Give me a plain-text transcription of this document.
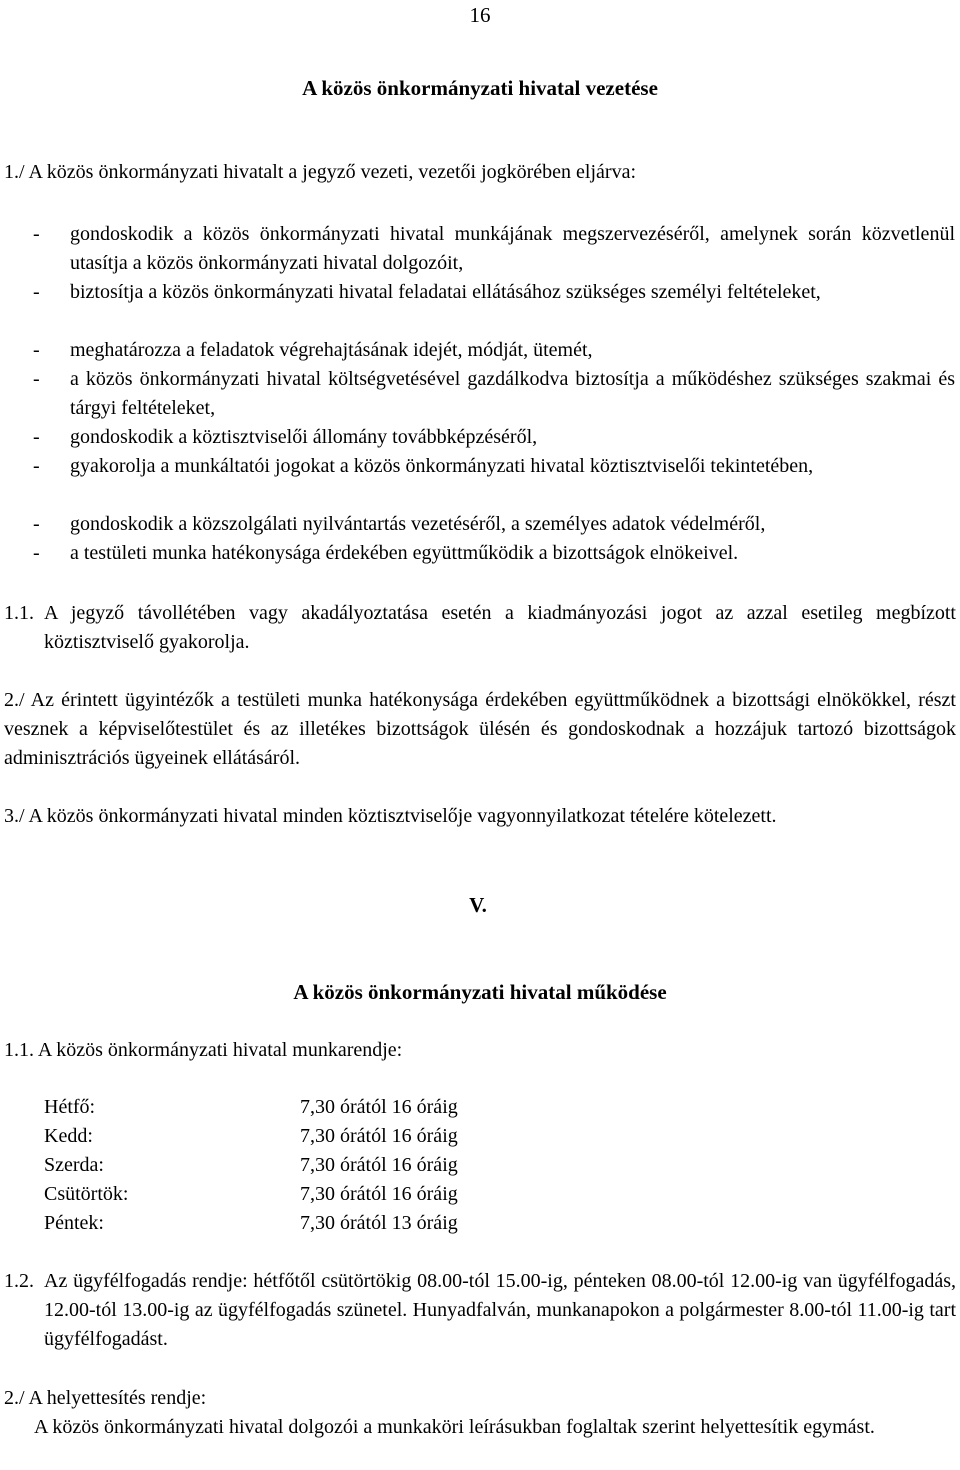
16
A közös önkormányzati hivatal vezetése
1./ A közös önkormányzati hivatalt a jegyző vezeti, vezetői jogkörében eljárva:
- gondoskodik a közös önkormányzati hivatal munkájának megszervezéséről, amelynek során közvetlenül utasítja a közös önkormányzati hivatal dolgozóit,
- biztosítja a közös önkormányzati hivatal feladatai ellátásához szükséges személyi feltételeket,
- meghatározza a feladatok végrehajtásának idejét, módját, ütemét,
- a közös önkormányzati hivatal költségvetésével gazdálkodva biztosítja a működéshez szükséges szakmai és tárgyi feltételeket,
- gondoskodik a köztisztviselői állomány továbbképzéséről,
- gyakorolja a munkáltatói jogokat a közös önkormányzati hivatal köztisztviselői tekintetében,
- gondoskodik a közszolgálati nyilvántartás vezetéséről, a személyes adatok védelméről,
- a testületi munka hatékonysága érdekében együttműködik a bizottságok elnökeivel.
1.1. A jegyző távollétében vagy akadályoztatása esetén a kiadmányozási jogot az azzal esetileg megbízott köztisztviselő gyakorolja.
2./ Az érintett ügyintézők a testületi munka hatékonysága érdekében együttműködnek a bizottsági elnökökkel, részt vesznek a képviselőtestület és az illetékes bizottságok ülésén és gondoskodnak a hozzájuk tartozó bizottságok adminisztrációs ügyeinek ellátásáról.
3./ A közös önkormányzati hivatal minden köztisztviselője vagyonnyilatkozat tételére kötelezett.
V.
A közös önkormányzati hivatal működése
1.1. A közös önkormányzati hivatal munkarendje:
Hétfő:	7,30 órától 16 óráig
Kedd:	7,30 órától 16 óráig
Szerda:	7,30 órától 16 óráig
Csütörtök:	7,30 órától 16 óráig
Péntek:	7,30 órától 13 óráig
1.2. Az ügyfélfogadás rendje: hétfőtől csütörtökig 08.00-tól 15.00-ig, pénteken 08.00-tól 12.00-ig van ügyfélfogadás, 12.00-tól 13.00-ig az ügyfélfogadás szünetel. Hunyadfalván, munkanapokon a polgármester 8.00-tól 11.00-ig tart ügyfélfogadást.
2./ A helyettesítés rendje:
A közös önkormányzati hivatal dolgozói a munkaköri leírásukban foglaltak szerint helyettesítik egymást.
